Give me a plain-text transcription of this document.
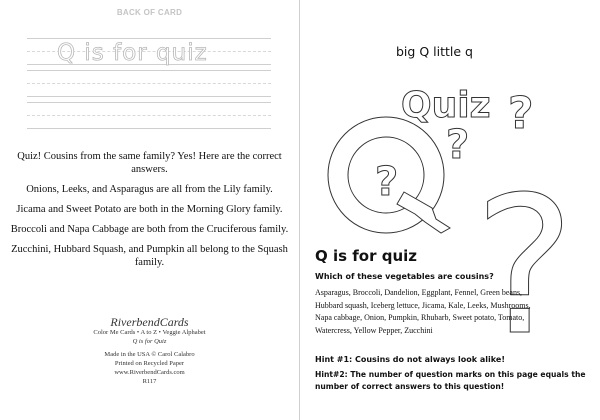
BACK OF CARD
Q is for quiz

Quiz! Cousins from the same family? Yes! Here are the correct answers.

Onions, Leeks, and Asparagus are all from the Lily family.

Jicama and Sweet Potato are both in the Morning Glory family.

Broccoli and Napa Cabbage are both from the Cruciferous family.

Zucchini, Hubbard Squash, and Pumpkin all belong to the Squash family.

RiverbendCards
Color Me Cards • A to Z • Veggie Alphabet
Q is for Quiz
Made in the USA © Carol Calabro
Printed on Recycled Paper
www.RiverbendCards.com
R117
big Q little q
Quiz
?
?
?
?
Q is for quiz
Which of these vegetables are cousins?
Asparagus, Broccoli, Dandelion, Eggplant, Fennel, Green beans, Hubbard squash, Iceberg lettuce, Jicama, Kale, Leeks, Mushrooms, Napa cabbage, Onion, Pumpkin, Rhubarb, Sweet potato, Tomato, Watercress, Yellow Pepper, Zucchini
Hint #1: Cousins do not always look alike!
Hint#2: The number of question marks on this page equals the number of correct answers to this question!
